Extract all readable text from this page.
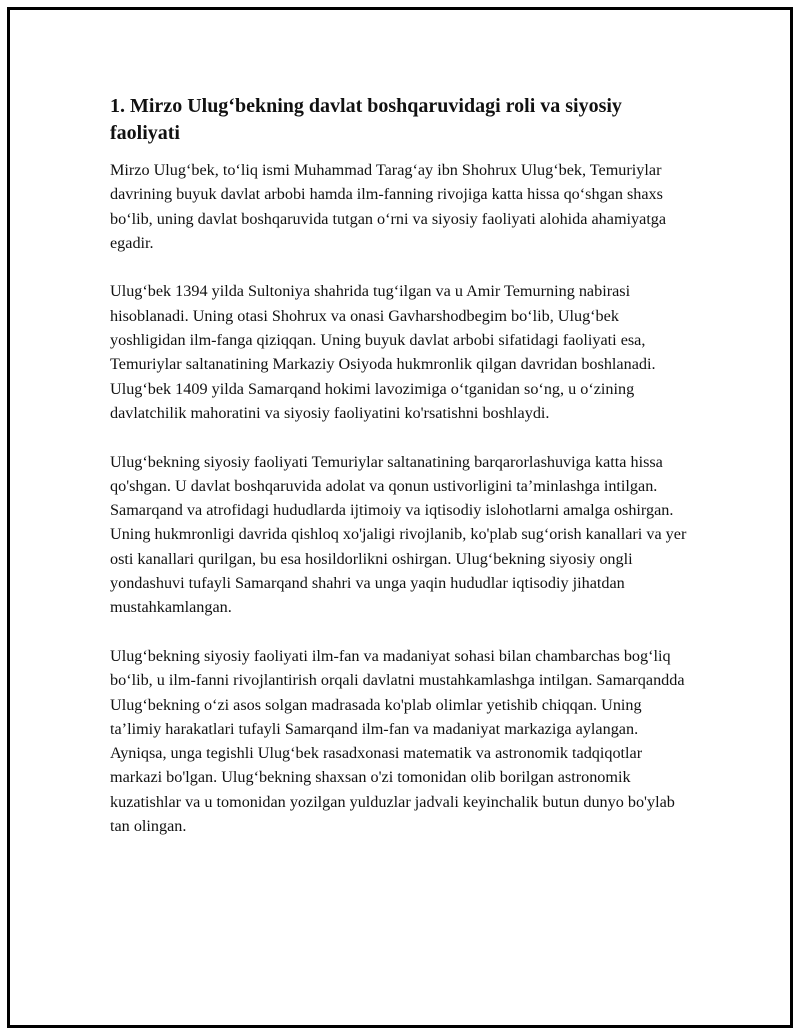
1. Mirzo Ulug‘bekning davlat boshqaruvidagi roli va siyosiy faoliyati

Mirzo Ulug‘bek, to‘liq ismi Muhammad Tarag‘ay ibn Shohrux Ulug‘bek, Temuriylar davrining buyuk davlat arbobi hamda ilm-fanning rivojiga katta hissa qo‘shgan shaxs bo‘lib, uning davlat boshqaruvida tutgan o‘rni va siyosiy faoliyati alohida ahamiyatga egadir.

Ulug‘bek 1394 yilda Sultoniya shahrida tug‘ilgan va u Amir Temurning nabirasi hisoblanadi. Uning otasi Shohrux va onasi Gavharshodbegim bo‘lib, Ulug‘bek yoshligidan ilm-fanga qiziqqan. Uning buyuk davlat arbobi sifatidagi faoliyati esa, Temuriylar saltanatining Markaziy Osiyoda hukmronlik qilgan davridan boshlanadi. Ulug‘bek 1409 yilda Samarqand hokimi lavozimiga o‘tganidan so‘ng, u o‘zining davlatchilik mahoratini va siyosiy faoliyatini ko'rsatishni boshlaydi.

Ulug‘bekning siyosiy faoliyati Temuriylar saltanatining barqarorlashuviga katta hissa qo'shgan. U davlat boshqaruvida adolat va qonun ustivorligini ta’minlashga intilgan. Samarqand va atrofidagi hududlarda ijtimoiy va iqtisodiy islohotlarni amalga oshirgan. Uning hukmronligi davrida qishloq xo'jaligi rivojlanib, ko'plab sug‘orish kanallari va yer osti kanallari qurilgan, bu esa hosildorlikni oshirgan. Ulug‘bekning siyosiy ongli yondashuvi tufayli Samarqand shahri va unga yaqin hududlar iqtisodiy jihatdan mustahkamlangan.

Ulug‘bekning siyosiy faoliyati ilm-fan va madaniyat sohasi bilan chambarchas bog‘liq bo‘lib, u ilm-fanni rivojlantirish orqali davlatni mustahkamlashga intilgan. Samarqandda Ulug‘bekning o‘zi asos solgan madrasada ko'plab olimlar yetishib chiqqan. Uning ta’limiy harakatlari tufayli Samarqand ilm-fan va madaniyat markaziga aylangan. Ayniqsa, unga tegishli Ulug‘bek rasadxonasi matematik va astronomik tadqiqotlar markazi bo'lgan. Ulug‘bekning shaxsan o'zi tomonidan olib borilgan astronomik kuzatishlar va u tomonidan yozilgan yulduzlar jadvali keyinchalik butun dunyo bo'ylab tan olingan.
